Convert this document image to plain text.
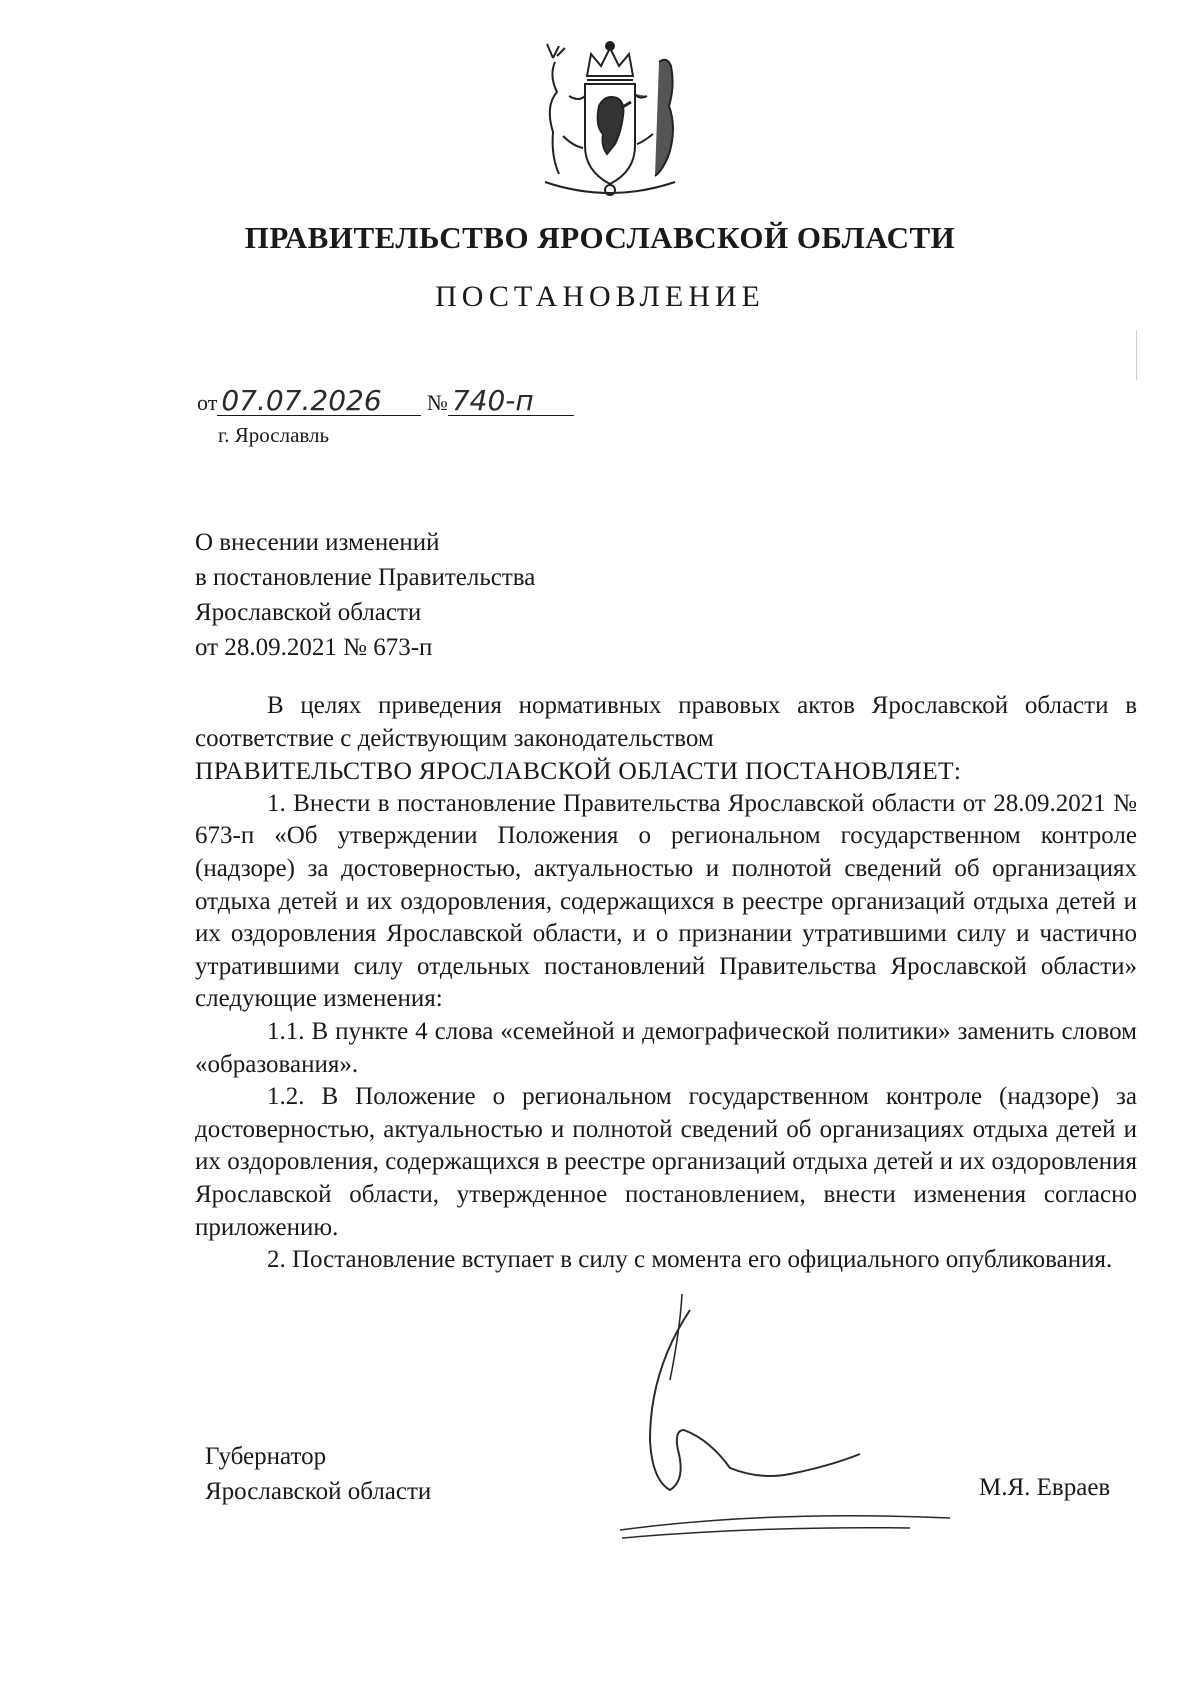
ПРАВИТЕЛЬСТВО ЯРОСЛАВСКОЙ ОБЛАСТИ
ПОСТАНОВЛЕНИЕ
от 07.07.2026 № 740-п
г. Ярославль
О внесении изменений
в постановление Правительства
Ярославской области
от 28.09.2021 № 673-п

В целях приведения нормативных правовых актов Ярославской области в соответствие с действующим законодательством

ПРАВИТЕЛЬСТВО ЯРОСЛАВСКОЙ ОБЛАСТИ ПОСТАНОВЛЯЕТ:

1. Внести в постановление Правительства Ярославской области от 28.09.2021 № 673-п «Об утверждении Положения о региональном государственном контроле (надзоре) за достоверностью, актуальностью и полнотой сведений об организациях отдыха детей и их оздоровления, содержащихся в реестре организаций отдыха детей и их оздоровления Ярославской области, и о признании утратившими силу и частично утратившими силу отдельных постановлений Правительства Ярославской области» следующие изменения:

1.1. В пункте 4 слова «семейной и демографической политики» заменить словом «образования».

1.2. В Положение о региональном государственном контроле (надзоре) за достоверностью, актуальностью и полнотой сведений об организациях отдыха детей и их оздоровления, содержащихся в реестре организаций отдыха детей и их оздоровления Ярославской области, утвержденное постановлением, внести изменения согласно приложению.

2. Постановление вступает в силу с момента его официального опубликования.

Губернатор
Ярославской области	М.Я. Евраев
